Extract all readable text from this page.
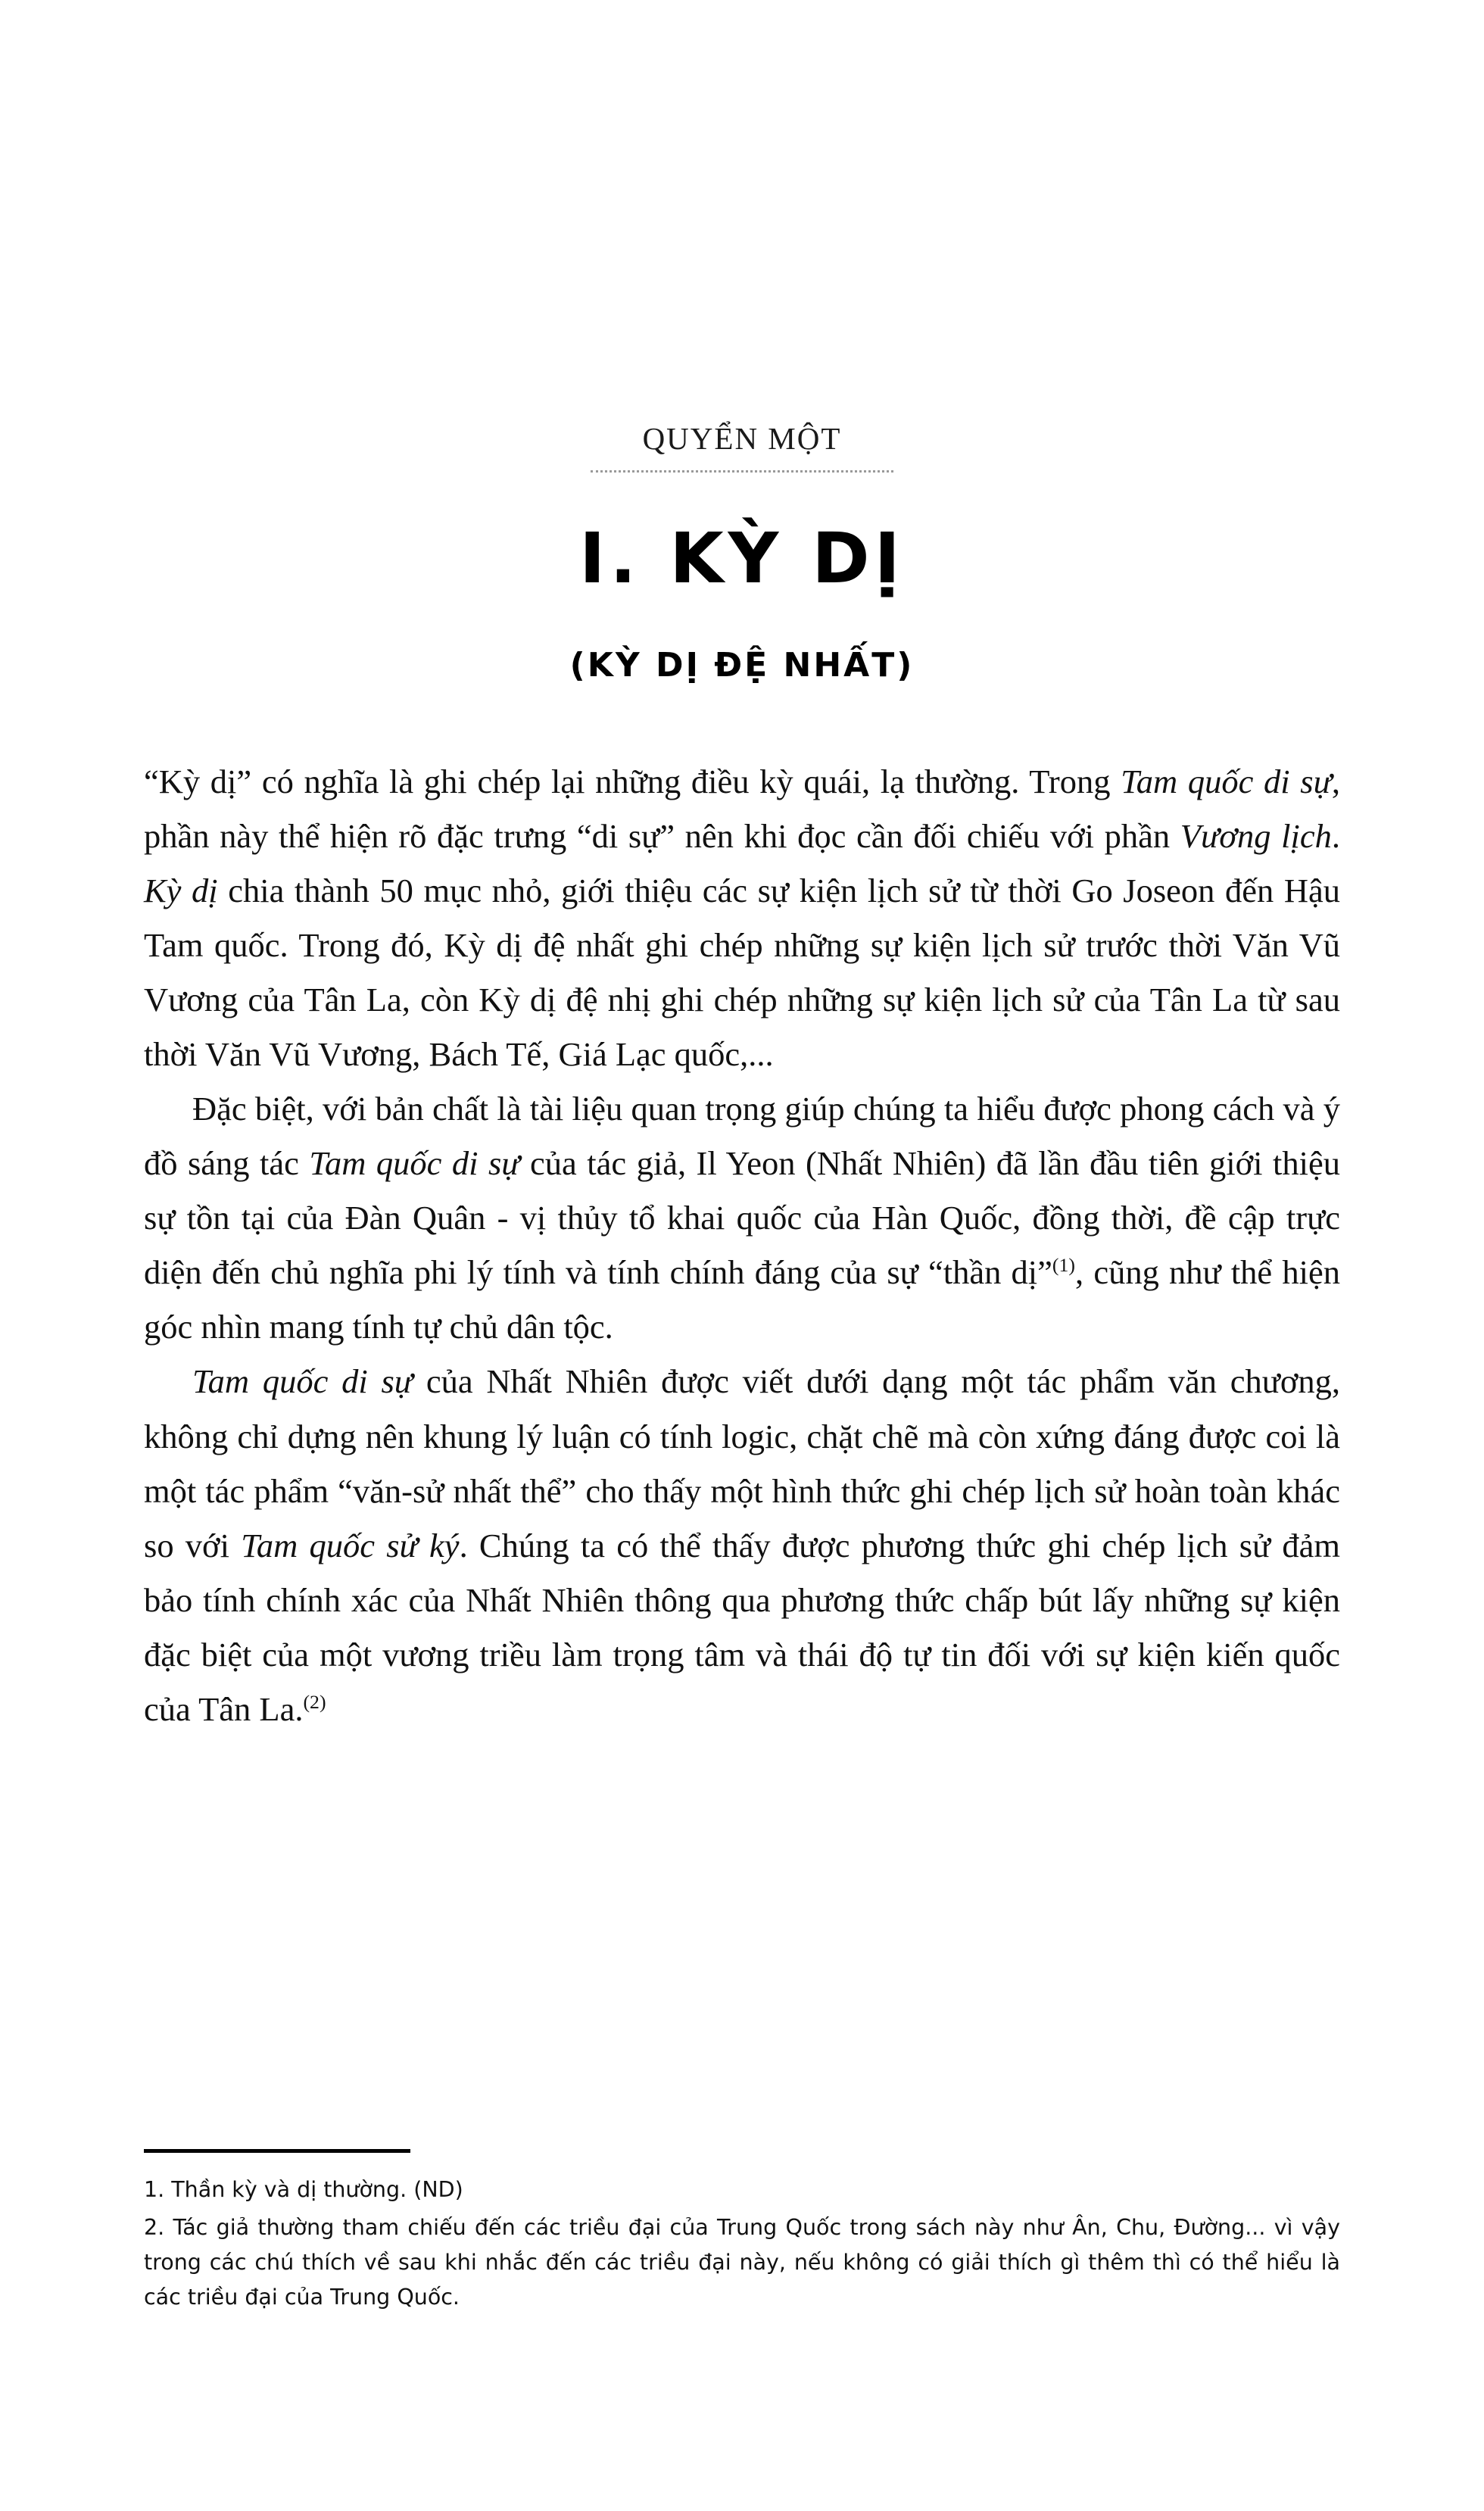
QUYỂN MỘT
I. KỲ DỊ
(KỲ DỊ ĐỆ NHẤT)

“Kỳ dị” có nghĩa là ghi chép lại những điều kỳ quái, lạ thường. Trong Tam quốc di sự, phần này thể hiện rõ đặc trưng “di sự” nên khi đọc cần đối chiếu với phần Vương lịch. Kỳ dị chia thành 50 mục nhỏ, giới thiệu các sự kiện lịch sử từ thời Go Joseon đến Hậu Tam quốc. Trong đó, Kỳ dị đệ nhất ghi chép những sự kiện lịch sử trước thời Văn Vũ Vương của Tân La, còn Kỳ dị đệ nhị ghi chép những sự kiện lịch sử của Tân La từ sau thời Văn Vũ Vương, Bách Tế, Giá Lạc quốc,...

Đặc biệt, với bản chất là tài liệu quan trọng giúp chúng ta hiểu được phong cách và ý đồ sáng tác Tam quốc di sự của tác giả, Il Yeon (Nhất Nhiên) đã lần đầu tiên giới thiệu sự tồn tại của Đàn Quân - vị thủy tổ khai quốc của Hàn Quốc, đồng thời, đề cập trực diện đến chủ nghĩa phi lý tính và tính chính đáng của sự “thần dị”$^{(1)}$, cũng như thể hiện góc nhìn mang tính tự chủ dân tộc.

Tam quốc di sự của Nhất Nhiên được viết dưới dạng một tác phẩm văn chương, không chỉ dựng nên khung lý luận có tính logic, chặt chẽ mà còn xứng đáng được coi là một tác phẩm “văn-sử nhất thể” cho thấy một hình thức ghi chép lịch sử hoàn toàn khác so với Tam quốc sử ký. Chúng ta có thể thấy được phương thức ghi chép lịch sử đảm bảo tính chính xác của Nhất Nhiên thông qua phương thức chấp bút lấy những sự kiện đặc biệt của một vương triều làm trọng tâm và thái độ tự tin đối với sự kiện kiến quốc của Tân La.$^{(2)}$

1. Thần kỳ và dị thường. (ND)

2. Tác giả thường tham chiếu đến các triều đại của Trung Quốc trong sách này như Ân, Chu, Đường... vì vậy trong các chú thích về sau khi nhắc đến các triều đại này, nếu không có giải thích gì thêm thì có thể hiểu là các triều đại của Trung Quốc.
